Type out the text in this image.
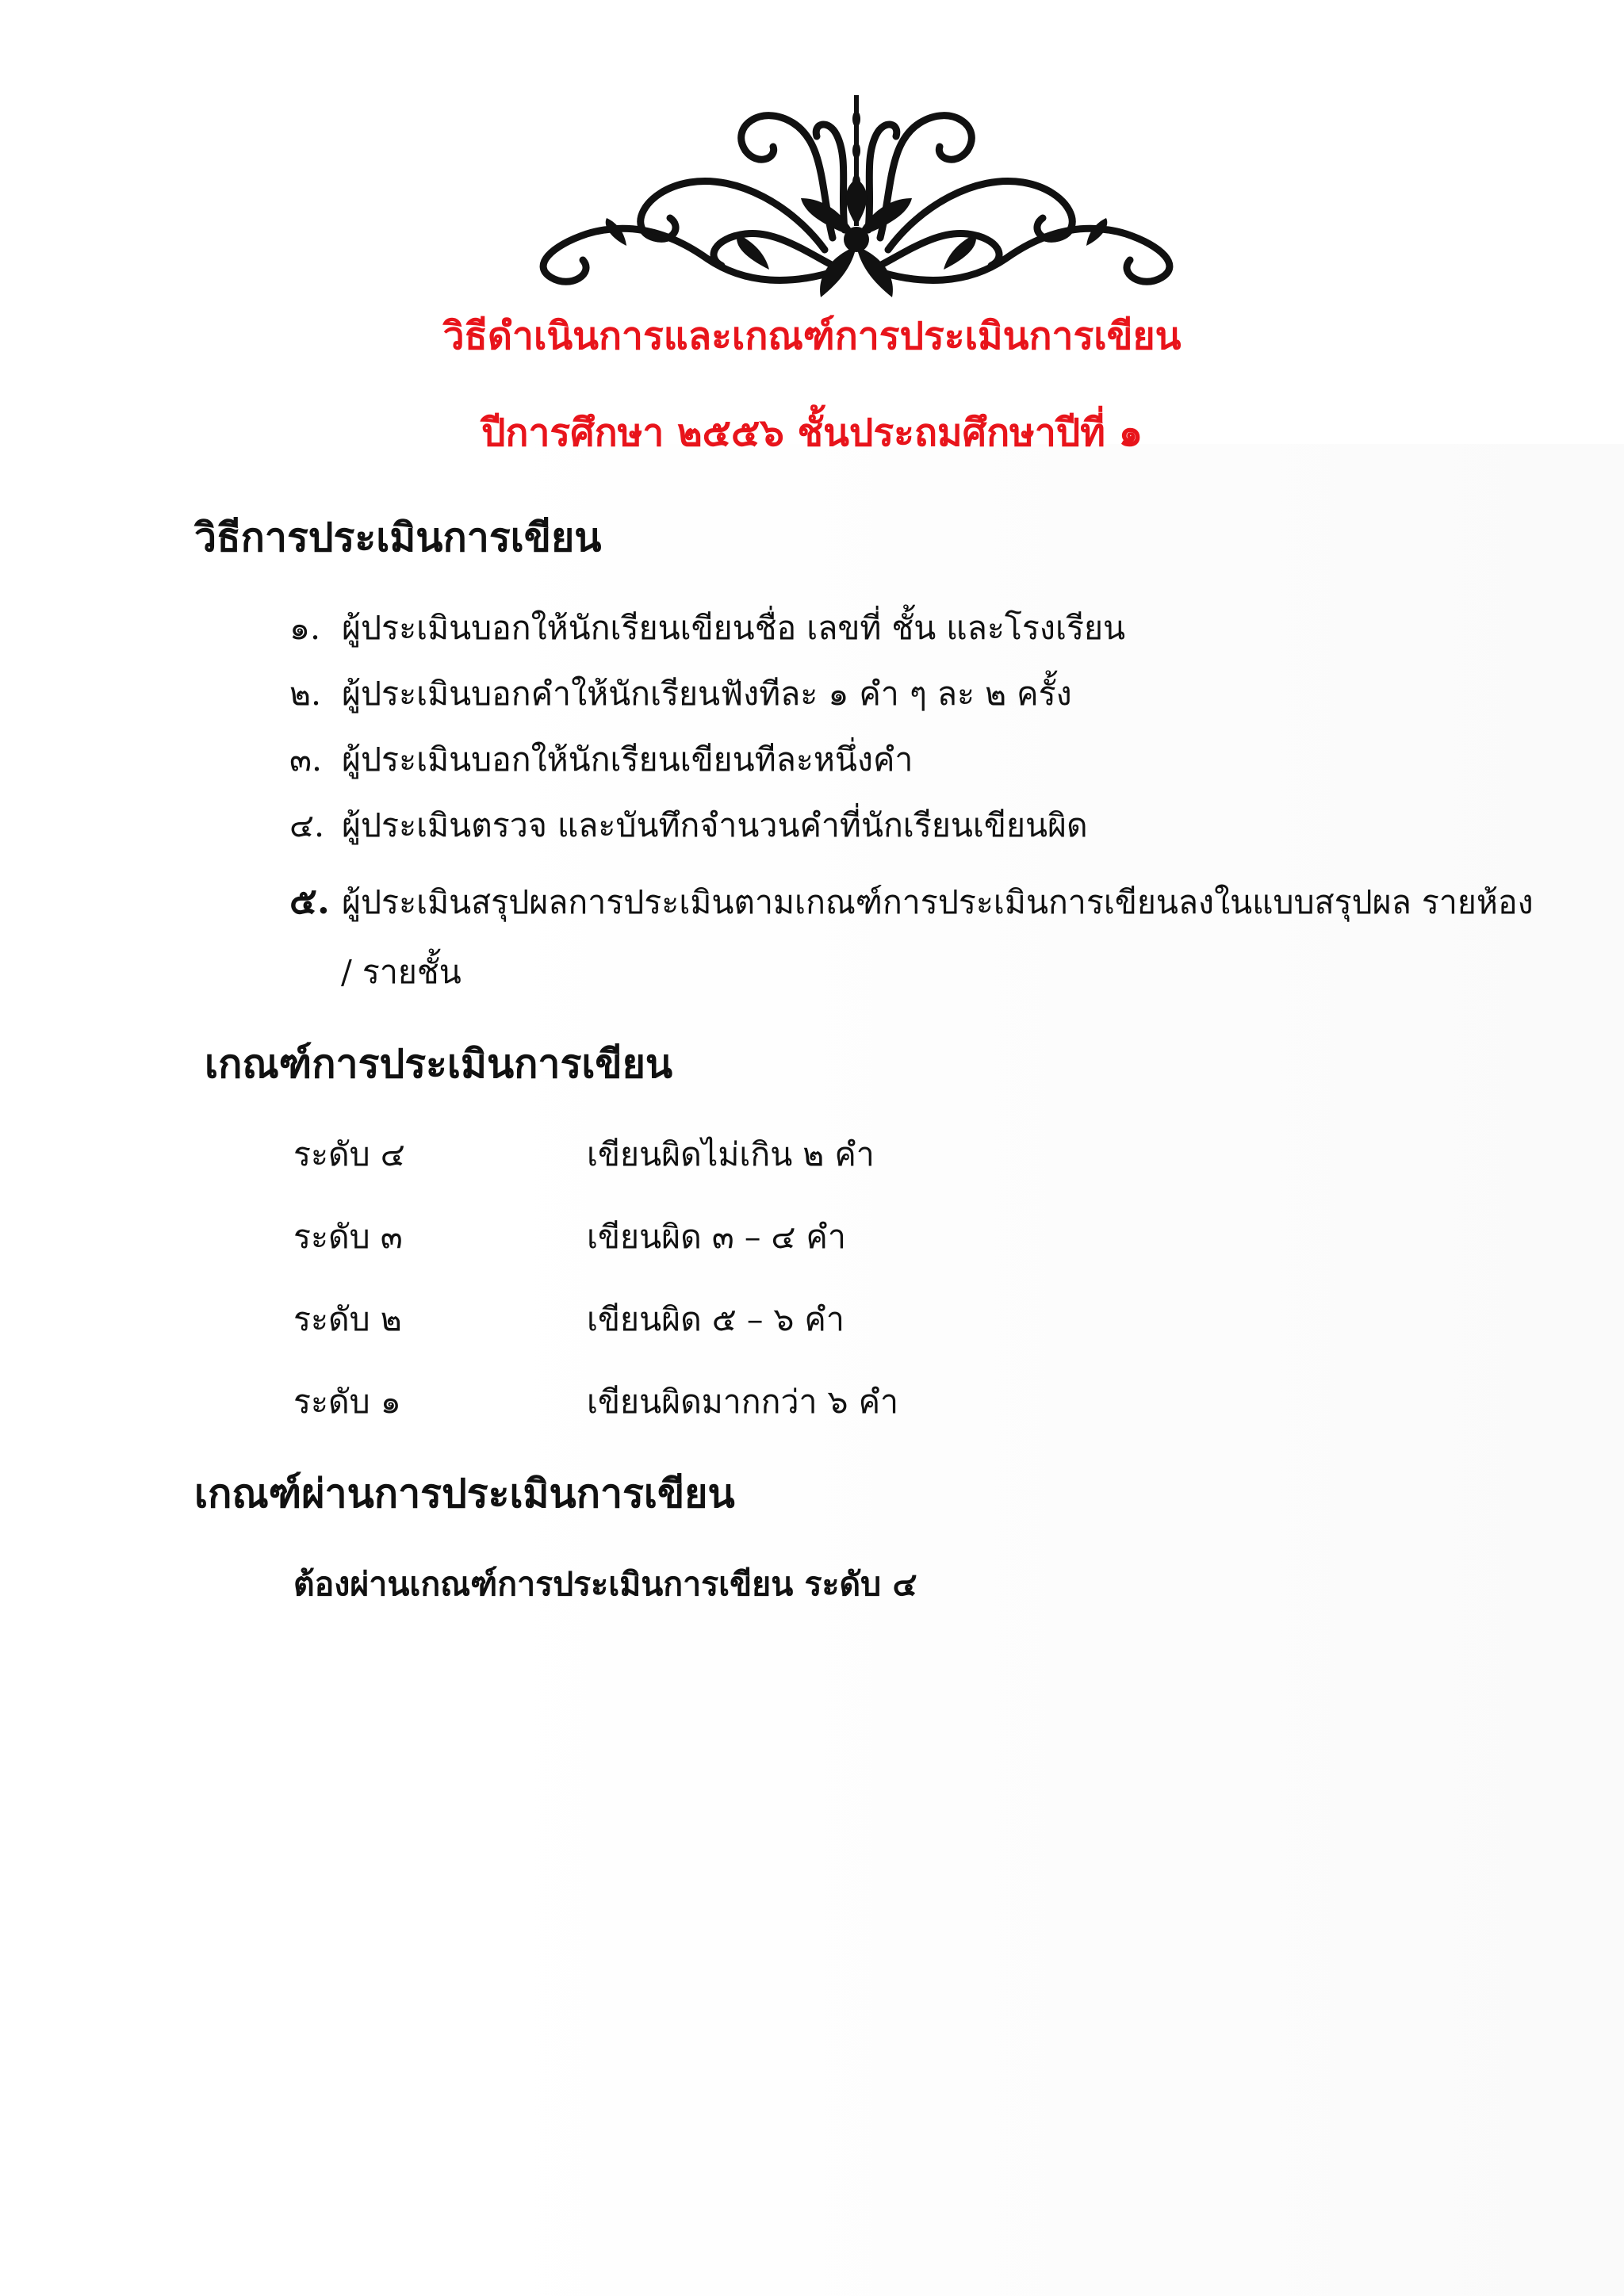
วิธีดำเนินการและเกณฑ์การประเมินการเขียน
ปีการศึกษา ๒๕๕๖ ชั้นประถมศึกษาปีที่ ๑
วิธีการประเมินการเขียน
๑. ผู้ประเมินบอกให้นักเรียนเขียนชื่อ เลขที่ ชั้น และโรงเรียน
๒. ผู้ประเมินบอกคำให้นักเรียนฟังทีละ ๑ คำ ๆ ละ ๒ ครั้ง
๓. ผู้ประเมินบอกให้นักเรียนเขียนทีละหนึ่งคำ
๔. ผู้ประเมินตรวจ และบันทึกจำนวนคำที่นักเรียนเขียนผิด
๕. ผู้ประเมินสรุปผลการประเมินตามเกณฑ์การประเมินการเขียนลงในแบบสรุปผล รายห้อง
/ รายชั้น
เกณฑ์การประเมินการเขียน
ระดับ ๔	เขียนผิดไม่เกิน ๒ คำ
ระดับ ๓	เขียนผิด ๓ – ๔ คำ
ระดับ ๒	เขียนผิด ๕ – ๖ คำ
ระดับ ๑	เขียนผิดมากกว่า ๖ คำ
เกณฑ์ผ่านการประเมินการเขียน
ต้องผ่านเกณฑ์การประเมินการเขียน ระดับ ๔
